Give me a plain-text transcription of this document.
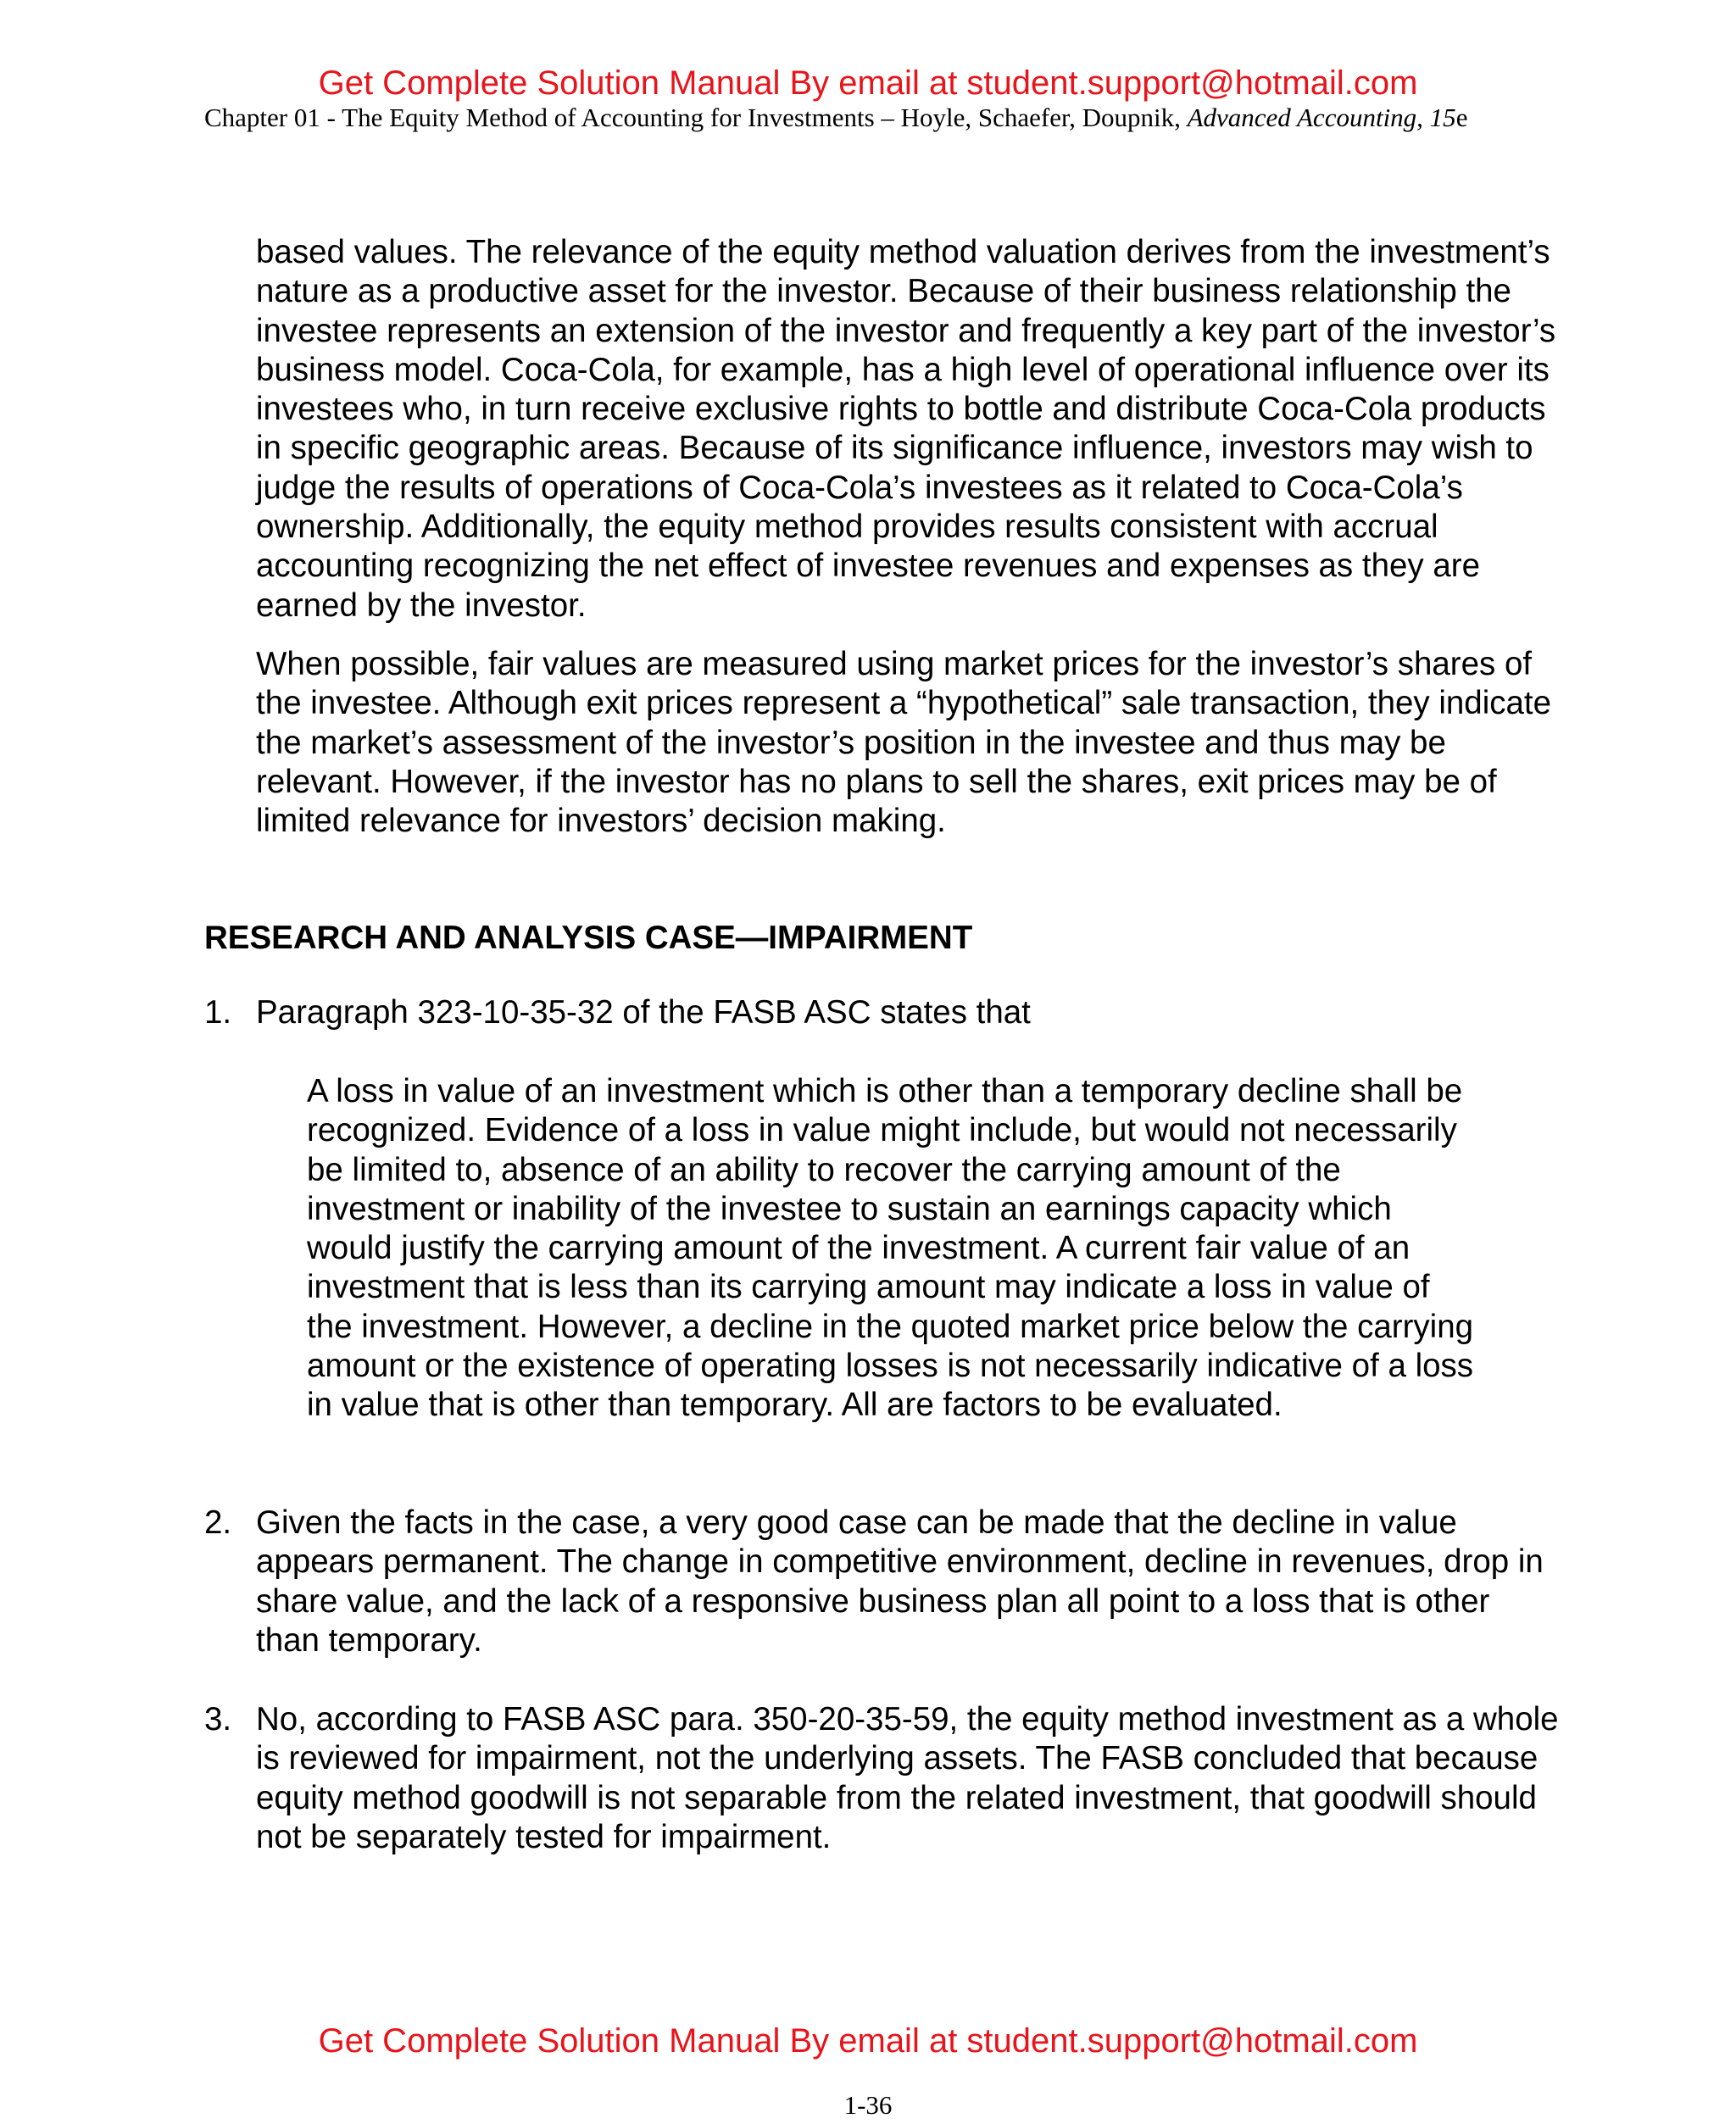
Get Complete Solution Manual By email at student.support@hotmail.com
Chapter 01 - The Equity Method of Accounting for Investments – Hoyle, Schaefer, Doupnik, Advanced Accounting, 15e
based values. The relevance of the equity method valuation derives from the investment’s nature as a productive asset for the investor. Because of their business relationship the investee represents an extension of the investor and frequently a key part of the investor’s business model. Coca-Cola, for example, has a high level of operational influence over its investees who, in turn receive exclusive rights to bottle and distribute Coca-Cola products in specific geographic areas. Because of its significance influence, investors may wish to judge the results of operations of Coca-Cola’s investees as it related to Coca-Cola’s ownership. Additionally, the equity method provides results consistent with accrual accounting recognizing the net effect of investee revenues and expenses as they are earned by the investor.
When possible, fair values are measured using market prices for the investor’s shares of the investee. Although exit prices represent a “hypothetical” sale transaction, they indicate the market’s assessment of the investor’s position in the investee and thus may be relevant. However, if the investor has no plans to sell the shares, exit prices may be of limited relevance for investors’ decision making.
RESEARCH AND ANALYSIS CASE—IMPAIRMENT
1. Paragraph 323-10-35-32 of the FASB ASC states that
A loss in value of an investment which is other than a temporary decline shall be recognized. Evidence of a loss in value might include, but would not necessarily be limited to, absence of an ability to recover the carrying amount of the investment or inability of the investee to sustain an earnings capacity which would justify the carrying amount of the investment. A current fair value of an investment that is less than its carrying amount may indicate a loss in value of the investment. However, a decline in the quoted market price below the carrying amount or the existence of operating losses is not necessarily indicative of a loss in value that is other than temporary. All are factors to be evaluated.
2. Given the facts in the case, a very good case can be made that the decline in value appears permanent. The change in competitive environment, decline in revenues, drop in share value, and the lack of a responsive business plan all point to a loss that is other than temporary.
3. No, according to FASB ASC para. 350-20-35-59, the equity method investment as a whole is reviewed for impairment, not the underlying assets. The FASB concluded that because equity method goodwill is not separable from the related investment, that goodwill should not be separately tested for impairment.
Get Complete Solution Manual By email at student.support@hotmail.com
1-36
